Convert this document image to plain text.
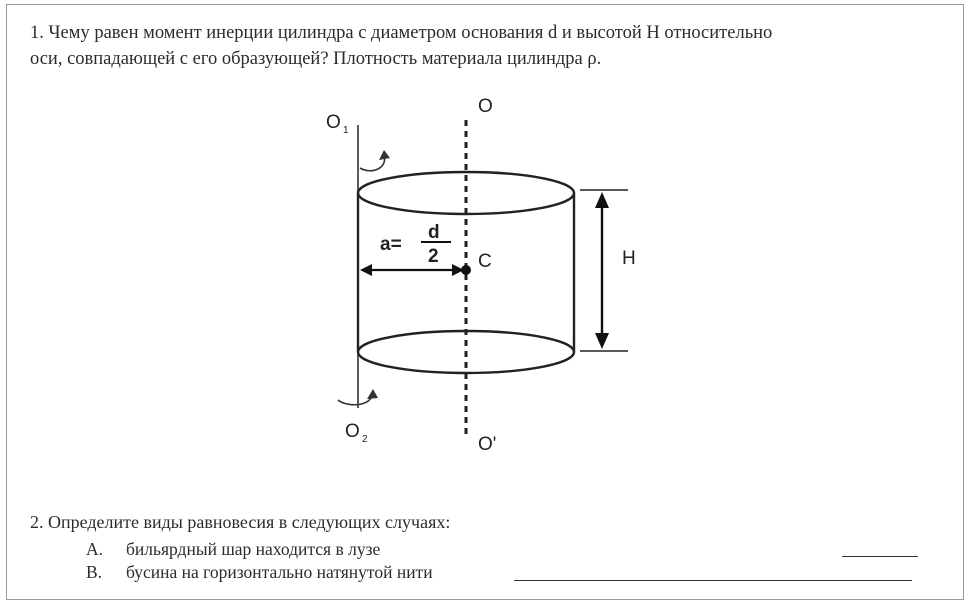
1. Чему равен момент инерции цилиндра с диаметром основания d и высотой H относительно
оси, совпадающей с его образующей? Плотность материала цилиндра ρ.
O
O'
O 1
O 2
C	H
a=
d
2
2. Определите виды равновесия в следующих случаях:
A. бильярдный шар находится в лузе
B. бусина на горизонтально натянутой нити
